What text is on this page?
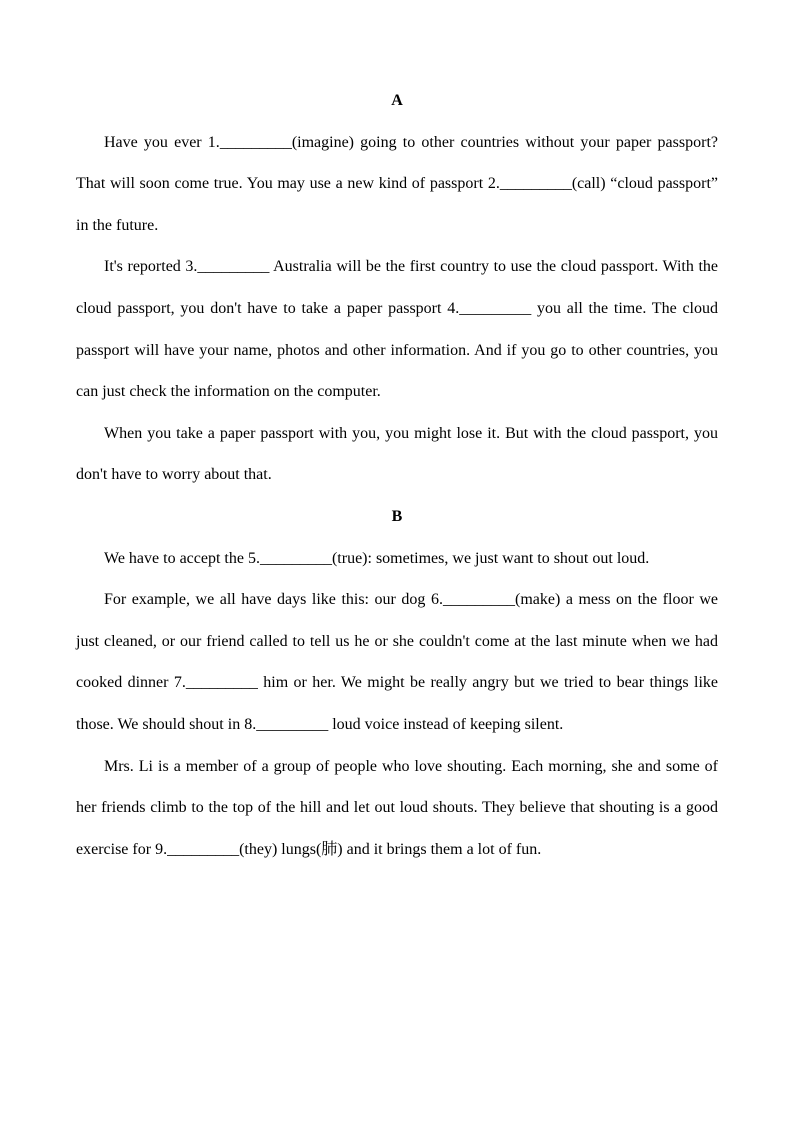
A

Have you ever 1._________(imagine) going to other countries without your paper passport? That will soon come true. You may use a new kind of passport 2._________(call) “cloud passport” in the future.

It's reported 3._________ Australia will be the first country to use the cloud passport. With the cloud passport, you don't have to take a paper passport 4._________ you all the time. The cloud passport will have your name, photos and other information. And if you go to other countries, you can just check the information on the computer.

When you take a paper passport with you, you might lose it. But with the cloud passport, you don't have to worry about that.

B

We have to accept the 5._________(true): sometimes, we just want to shout out loud.

For example, we all have days like this: our dog 6._________(make) a mess on the floor we just cleaned, or our friend called to tell us he or she couldn't come at the last minute when we had cooked dinner 7._________ him or her. We might be really angry but we tried to bear things like those. We should shout in 8._________ loud voice instead of keeping silent.

Mrs. Li is a member of a group of people who love shouting. Each morning, she and some of her friends climb to the top of the hill and let out loud shouts. They believe that shouting is a good exercise for 9._________(they) lungs(肺) and it brings them a lot of fun.
